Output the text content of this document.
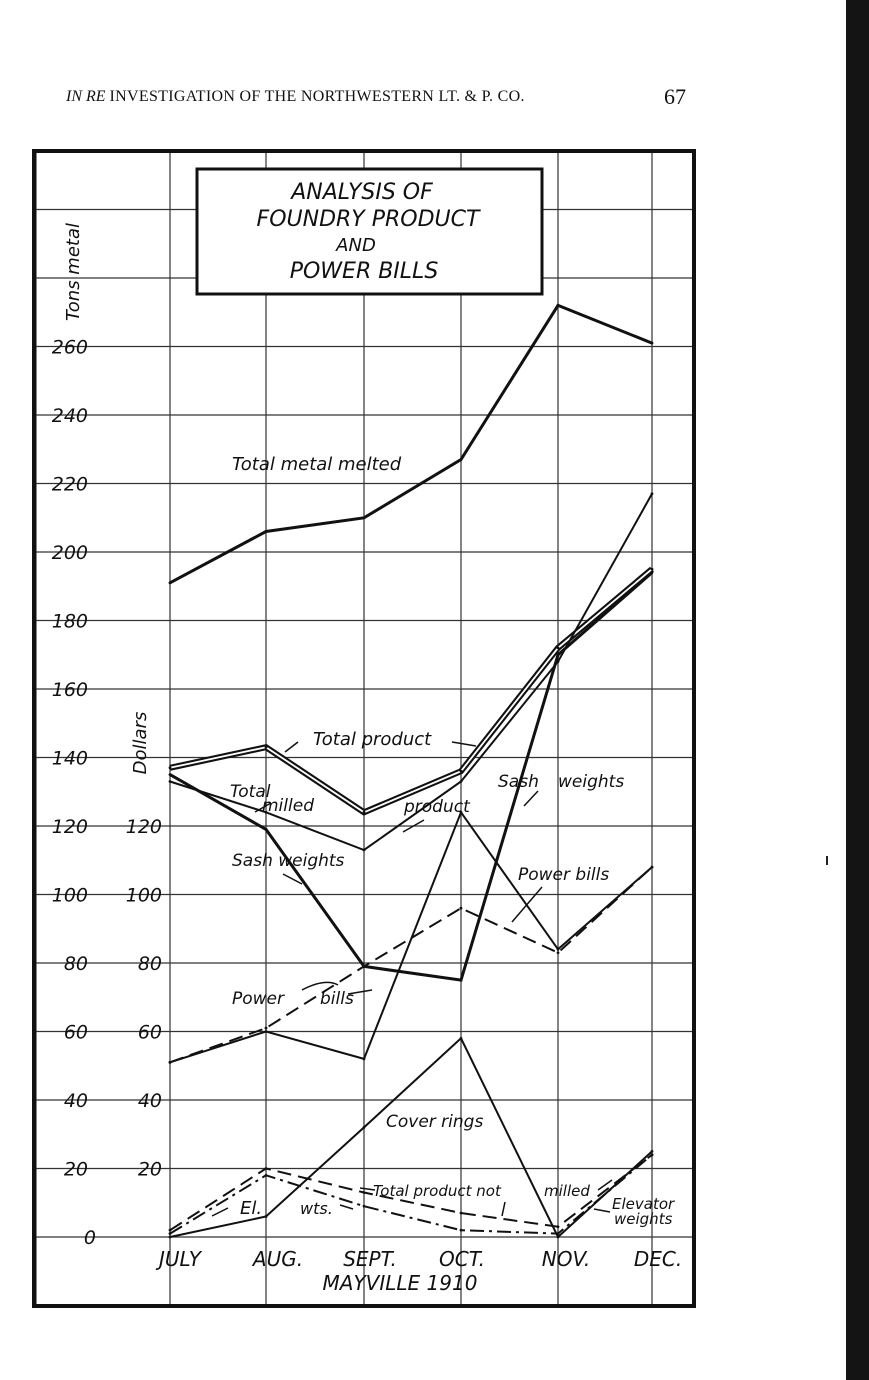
IN RE INVESTIGATION OF THE NORTHWESTERN LT. & P. CO.	67
0
20
40
60
80
100
120
140
160
180
200
220
240
260
20
40
60
80
100
120
JULY	AUG. SEPT. OCT.	NOV. DEC.
Total metal melted
Total product
Total
milled	product
Sash weights
Sash weights
Power bills
Power bills
Cover rings
Total product not	milled
Elevator
weights
El. wts.
ANALYSIS OF
FOUNDRY PRODUCT
AND
POWER BILLS
Tons metal
Dollars
MAYVILLE 1910
